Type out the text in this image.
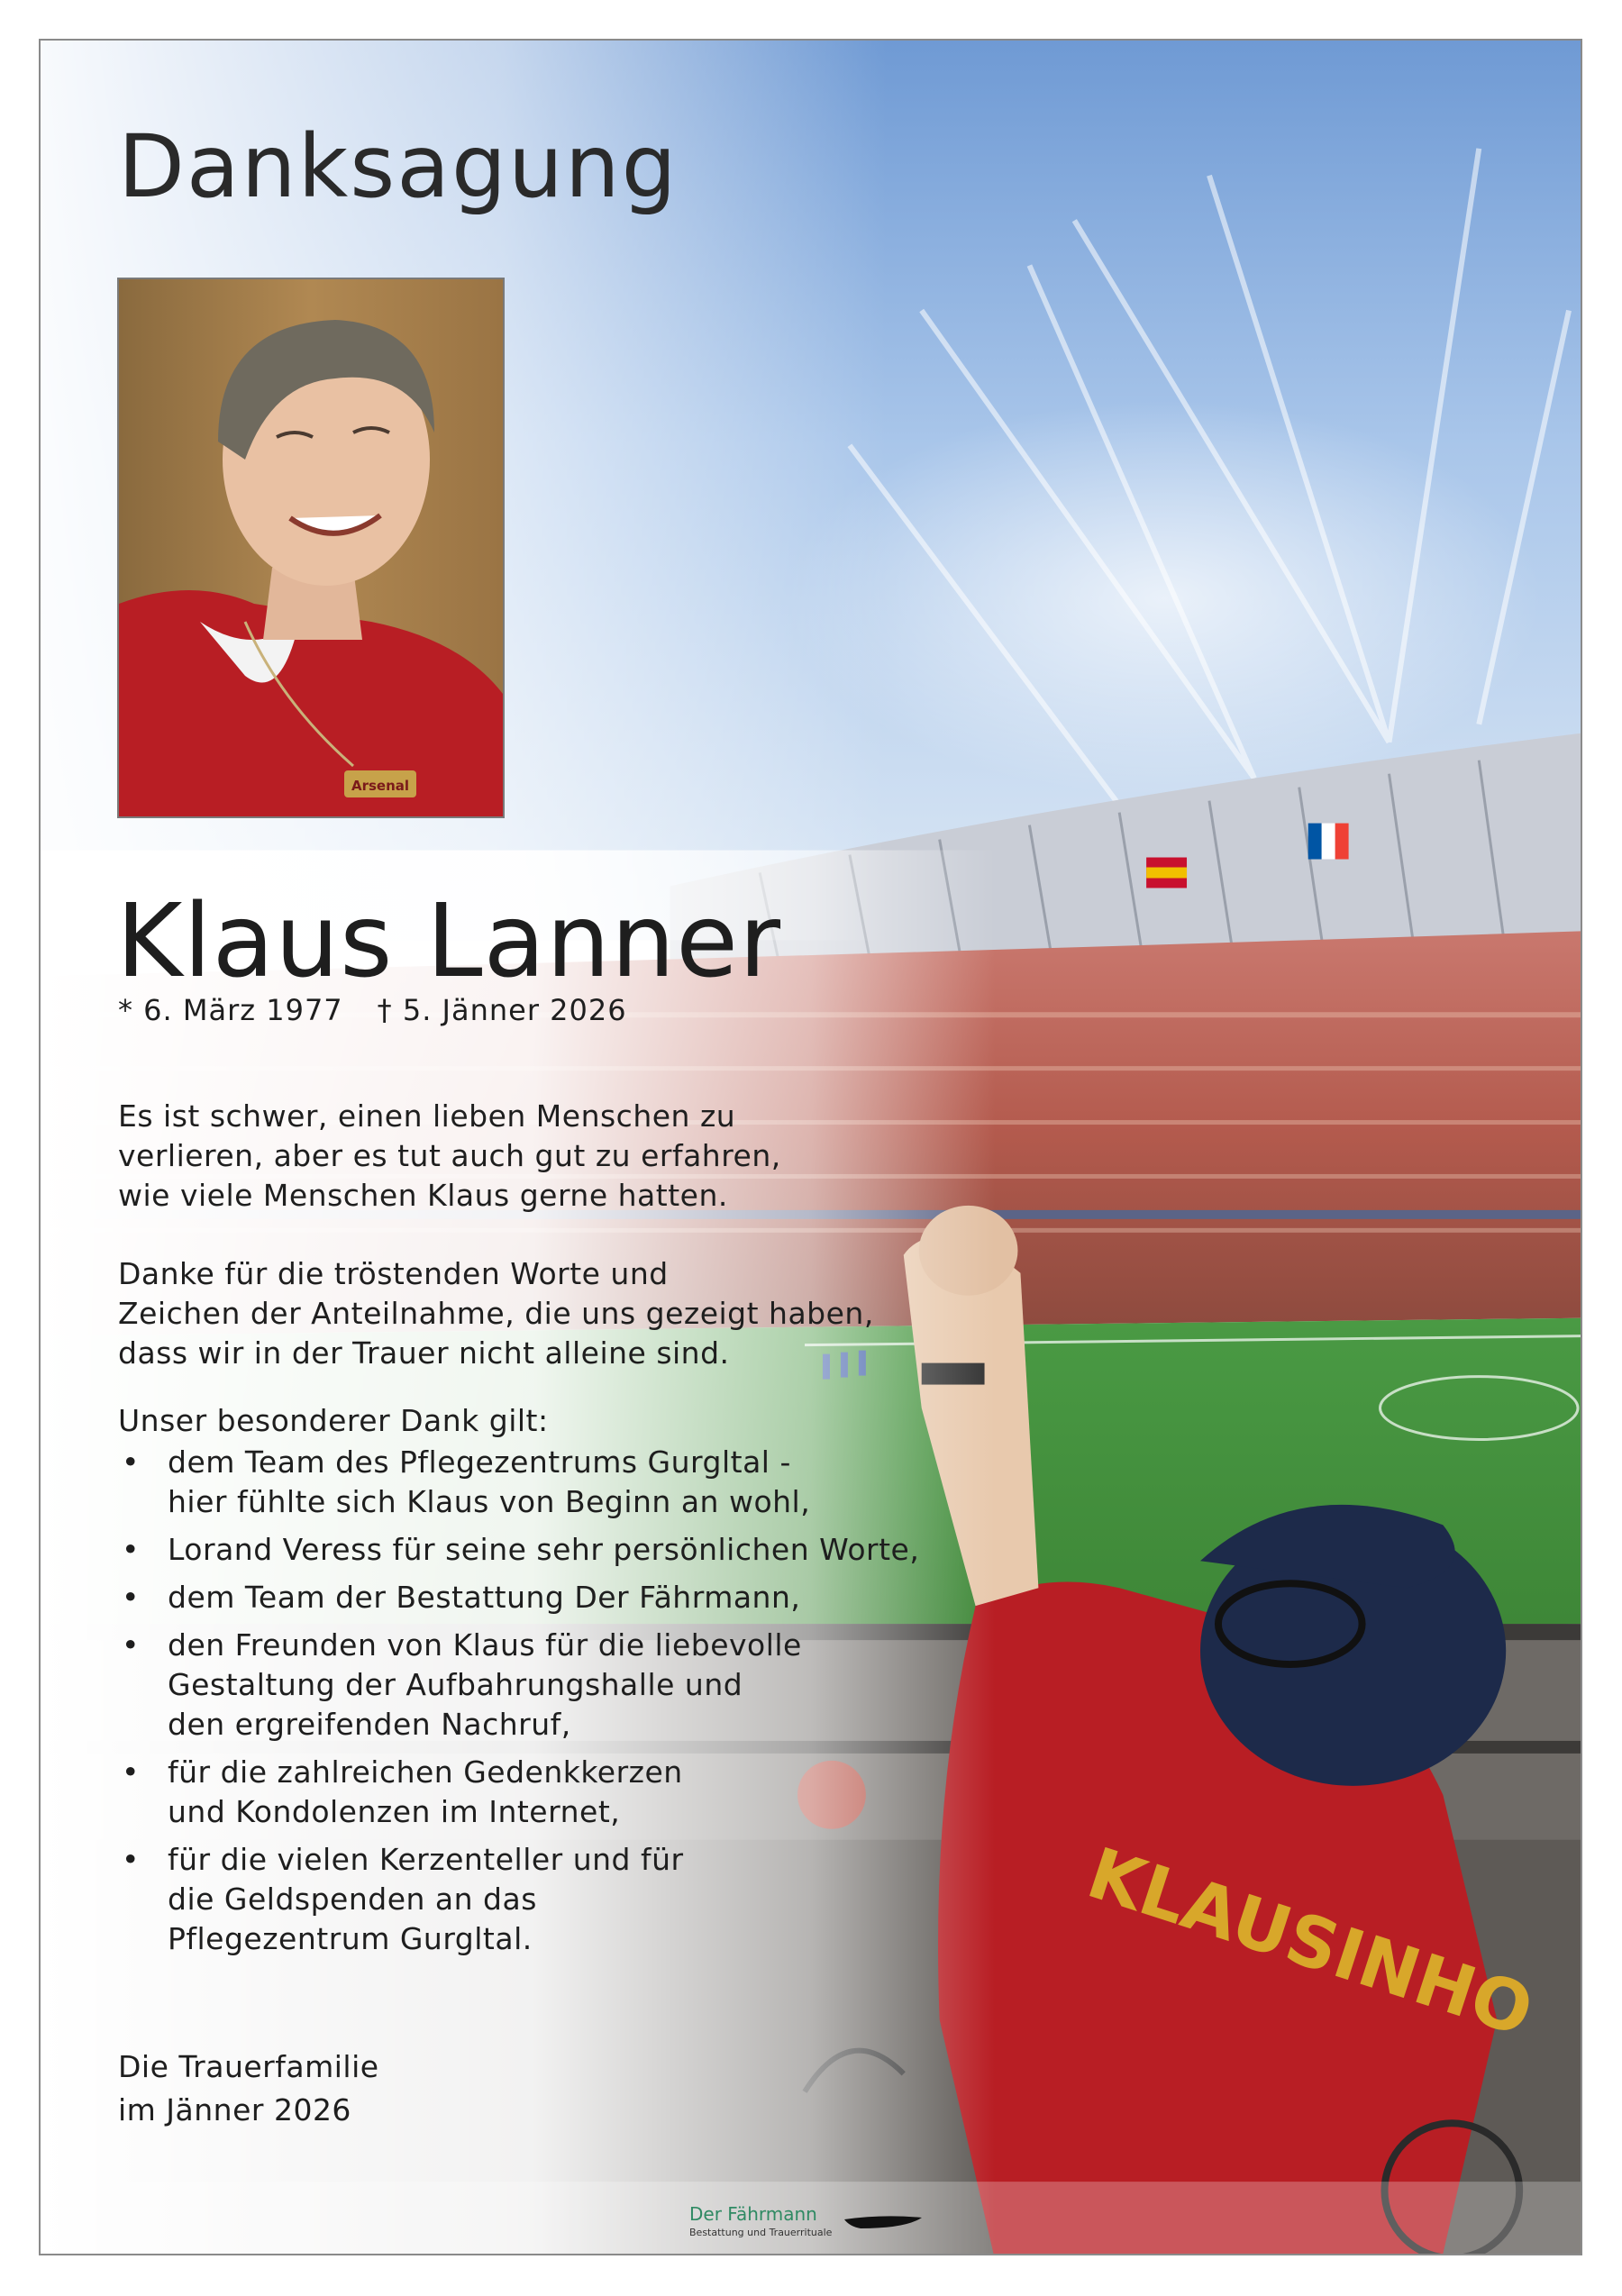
Danksagung
Arsenal
Klaus Lanner
* 6. März 1977 † 5. Jänner 2026
Es ist schwer, einen lieben Menschen zu
verlieren, aber es tut auch gut zu erfahren,
wie viele Menschen Klaus gerne hatten.
Danke für die tröstenden Worte und
Zeichen der Anteilnahme, die uns gezeigt haben,
dass wir in der Trauer nicht alleine sind.
Unser besonderer Dank gilt:
• dem Team des Pflegezentrums Gurgltal -
hier fühlte sich Klaus von Beginn an wohl,
• Lorand Veress für seine sehr persönlichen Worte,
• dem Team der Bestattung Der Fährmann,
• den Freunden von Klaus für die liebevolle
Gestaltung der Aufbahrungshalle und
den ergreifenden Nachruf,
• für die zahlreichen Gedenkkerzen
und Kondolenzen im Internet,
• für die vielen Kerzenteller und für
die Geldspenden an das
Pflegezentrum Gurgltal.
Die Trauerfamilie
im Jänner 2026
Der Fährmann
Bestattung und Trauerrituale
